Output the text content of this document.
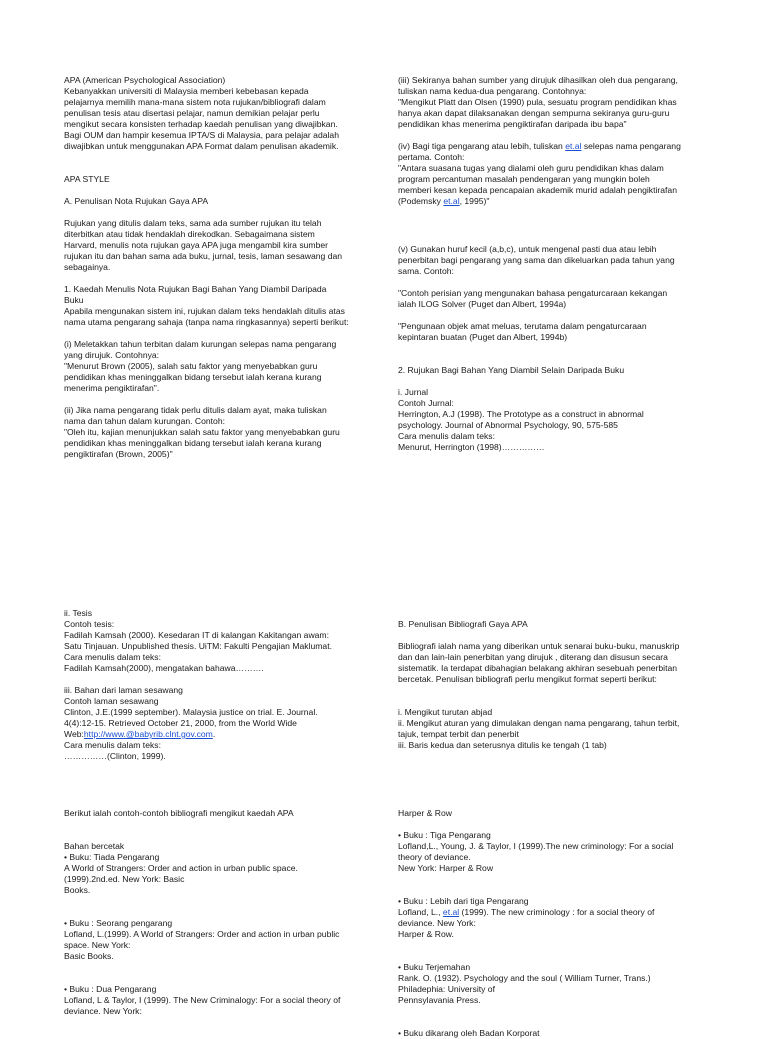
APA (American Psychological Association)

Kebanyakkan universiti di Malaysia memberi kebebasan kepada

pelajarnya memilih mana-mana sistem nota rujukan/bibliografi dalam

penulisan tesis atau disertasi pelajar, namun demikian pelajar perlu

mengikut secara konsisten terhadap kaedah penulisan yang diwajibkan.

Bagi OUM dan hampir kesemua IPTA/S di Malaysia, para pelajar adalah

diwajibkan untuk menggunakan APA Format dalam penulisan akademik.

APA STYLE

A. Penulisan Nota Rujukan Gaya APA

Rujukan yang ditulis dalam teks, sama ada sumber rujukan itu telah

diterbitkan atau tidak hendaklah direkodkan. Sebagaimana sistem

Harvard, menulis nota rujukan gaya APA juga mengambil kira sumber

rujukan itu dan bahan sama ada buku, jurnal, tesis, laman sesawang dan

sebagainya.

1. Kaedah Menulis Nota Rujukan Bagi Bahan Yang Diambil Daripada

Buku

Apabila mengunakan sistem ini, rujukan dalam teks hendaklah ditulis atas

nama utama pengarang sahaja (tanpa nama ringkasannya) seperti berikut:

(i) Meletakkan tahun terbitan dalam kurungan selepas nama pengarang

yang dirujuk. Contohnya:

"Menurut Brown (2005), salah satu faktor yang menyebabkan guru

pendidikan khas meninggalkan bidang tersebut ialah kerana kurang

menerima pengiktirafan".

(ii) Jika nama pengarang tidak perlu ditulis dalam ayat, maka tuliskan

nama dan tahun dalam kurungan. Contoh:

"Oleh itu, kajian menunjukkan salah satu faktor yang menyebabkan guru

pendidikan khas meninggalkan bidang tersebut ialah kerana kurang

pengiktirafan (Brown, 2005)"

(iii) Sekiranya bahan sumber yang dirujuk dihasilkan oleh dua pengarang,

tuliskan nama kedua-dua pengarang. Contohnya:

"Mengikut Platt dan Olsen (1990) pula, sesuatu program pendidikan khas

hanya akan dapat dilaksanakan dengan sempurna sekiranya guru-guru

pendidikan khas menerima pengiktirafan daripada ibu bapa"

(iv) Bagi tiga pengarang atau lebih, tuliskan et.al selepas nama pengarang

pertama. Contoh:

"Antara suasana tugas yang dialami oleh guru pendidikan khas dalam

program percantuman masalah pendengaran yang mungkin boleh

memberi kesan kepada pencapaian akademik murid adalah pengiktirafan

(Podemsky et.al, 1995)"

(v) Gunakan huruf kecil (a,b,c), untuk mengenal pasti dua atau lebih

penerbitan bagi pengarang yang sama dan dikeluarkan pada tahun yang

sama. Contoh:

"Contoh perisian yang mengunakan bahasa pengaturcaraan kekangan

ialah ILOG Solver (Puget dan Albert, 1994a)

"Pengunaan objek amat meluas, terutama dalam pengaturcaraan

kepintaran buatan (Puget dan Albert, 1994b)

2. Rujukan Bagi Bahan Yang Diambil Selain Daripada Buku

i. Jurnal

Contoh Jurnal:

Herrington, A.J (1998). The Prototype as a construct in abnormal

psychology. Journal of Abnormal Psychology, 90, 575-585

Cara menulis dalam teks:

Menurut, Herrington (1998)……………

ii. Tesis

Contoh tesis:

Fadilah Kamsah (2000). Kesedaran IT di kalangan Kakitangan awam:

Satu Tinjauan. Unpublished thesis. UiTM: Fakulti Pengajian Maklumat.

Cara menulis dalam teks:

Fadilah Kamsah(2000), mengatakan bahawa……….

iii. Bahan dari laman sesawang

Contoh laman sesawang

Clinton, J.E.(1999 september). Malaysia justice on trial. E. Journal.

4(4):12-15. Retrieved October 21, 2000, from the World Wide

Web:http://www.@babyrib.clnt.gov.com.

Cara menulis dalam teks:

……………(Clinton, 1999).

B. Penulisan Bibliografi Gaya APA

Bibliografi ialah nama yang diberikan untuk senarai buku-buku, manuskrip

dan dan lain-lain penerbitan yang dirujuk , diterang dan disusun secara

sistematik. Ia terdapat dibahagian belakang akhiran sesebuah penerbitan

bercetak. Penulisan bibliografi perlu mengikut format seperti berikut:

i. Mengikut turutan abjad

ii. Mengikut aturan yang dimulakan dengan nama pengarang, tahun terbit,

tajuk, tempat terbit dan penerbit

iii. Baris kedua dan seterusnya ditulis ke tengah (1 tab)

Berikut ialah contoh-contoh bibliografi mengikut kaedah APA

Bahan bercetak

• Buku: Tiada Pengarang

A World of Strangers: Order and action in urban public space.

(1999).2nd.ed. New York: Basic

Books.

• Buku : Seorang pengarang

Lofland, L.(1999). A World of Strangers: Order and action in urban public

space. New York:

Basic Books.

• Buku : Dua Pengarang

Lofland, L & Taylor, I (1999). The New Criminalogy: For a social theory of

deviance. New York:

Harper & Row

• Buku : Tiga Pengarang

Lofland,L., Young, J. & Taylor, I (1999).The new criminology: For a social

theory of deviance.

New York: Harper & Row

• Buku : Lebih dari tiga Pengarang

Lofland, L., et.al (1999). The new criminology : for a social theory of

deviance. New York:

Harper & Row.

• Buku Terjemahan

Rank. O. (1932). Psychology and the soul ( William Turner, Trans.)

Philadephia: University of

Pennsylavania Press.

• Buku dikarang oleh Badan Korporat
